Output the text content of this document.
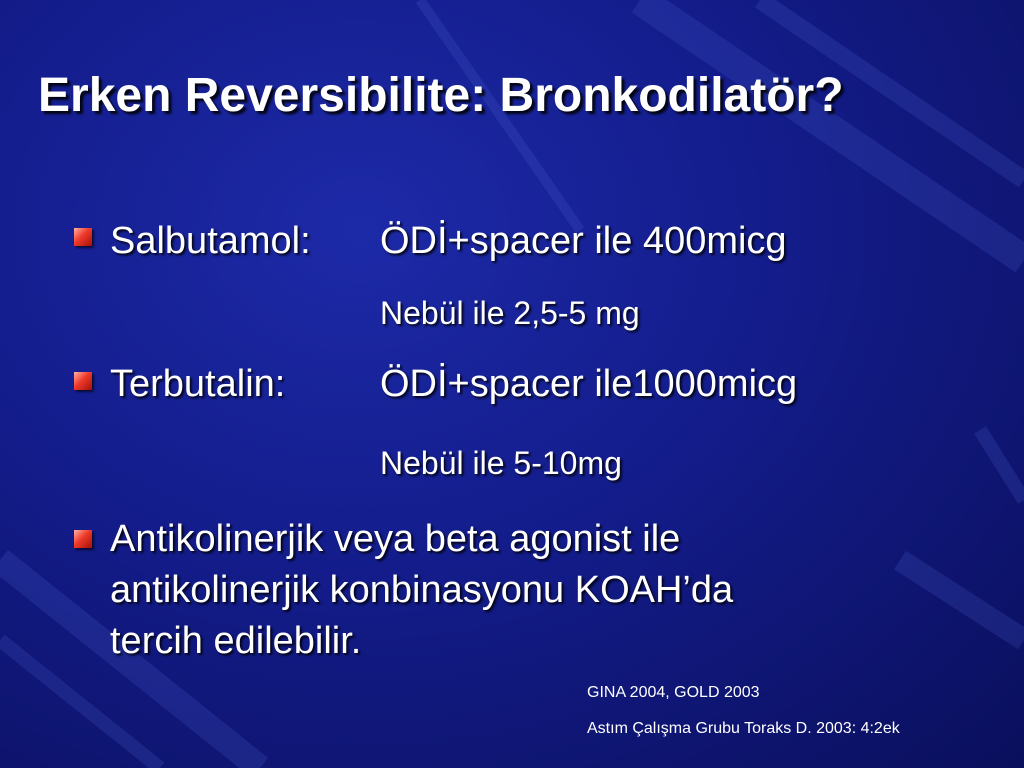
Erken Reversibilite: Bronkodilatör?
Salbutamol: ÖDİ+spacer ile 400micg
Nebül ile 2,5-5 mg
Terbutalin: ÖDİ+spacer ile1000micg
Nebül ile 5-10mg
Antikolinerjik veya beta agonist ile
antikolinerjik konbinasyonu KOAH’da
tercih edilebilir.
GINA 2004, GOLD 2003
Astım Çalışma Grubu Toraks D. 2003: 4:2ek
